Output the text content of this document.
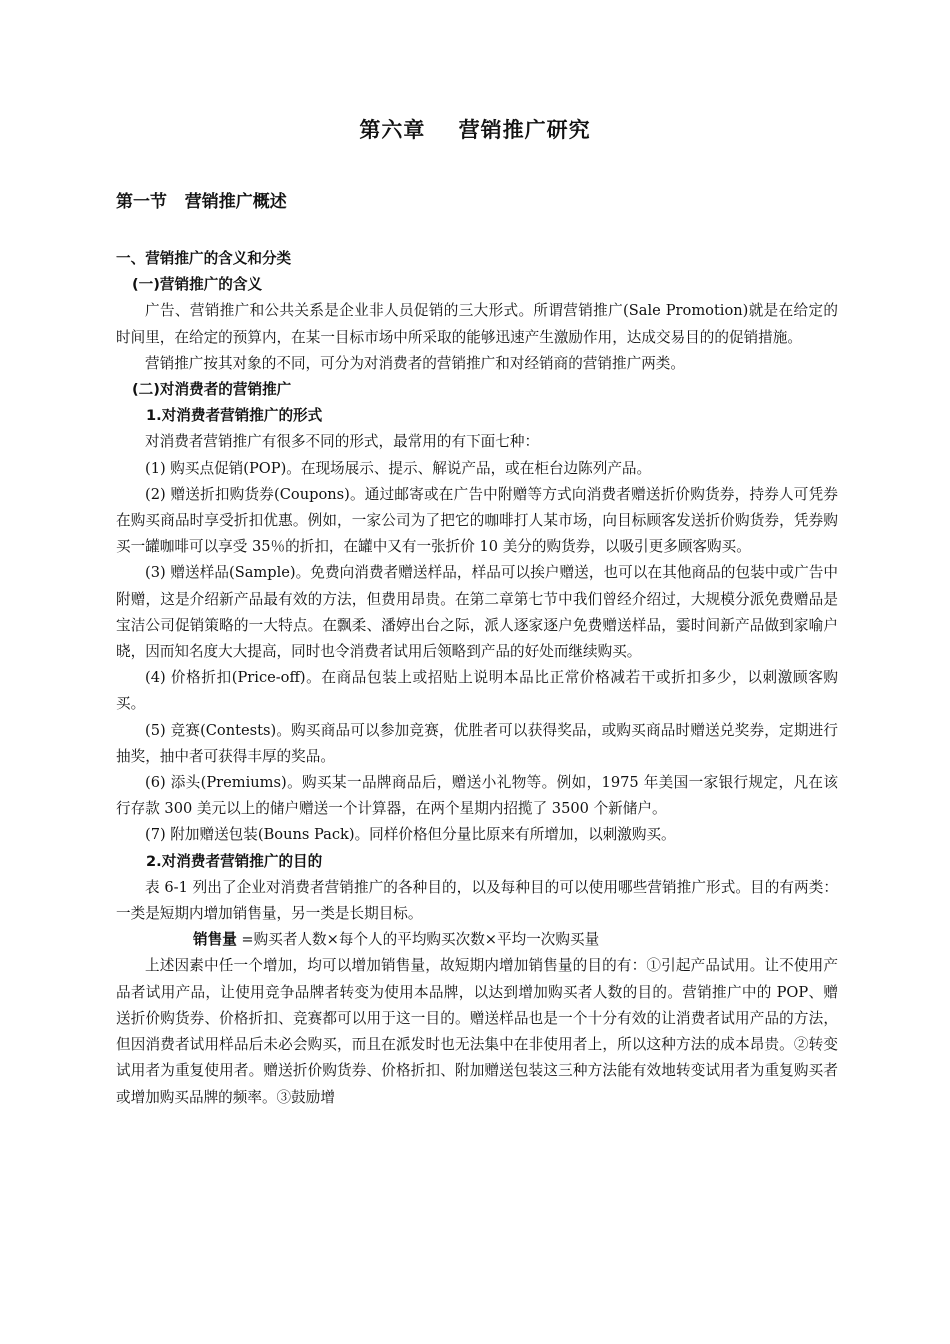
第六章    营销推广研究
第一节   营销推广概述

一、营销推广的含义和分类

(一)营销推广的含义

广告、营销推广和公共关系是企业非人员促销的三大形式。所谓营销推广(Sale Promotion)就是在给定的时间里，在给定的预算内，在某一目标市场中所采取的能够迅速产生激励作用，达成交易目的的促销措施。

营销推广按其对象的不同，可分为对消费者的营销推广和对经销商的营销推广两类。

(二)对消费者的营销推广

1.对消费者营销推广的形式

对消费者营销推广有很多不同的形式，最常用的有下面七种：

(1) 购买点促销(POP)。在现场展示、提示、解说产品，或在柜台边陈列产品。

(2) 赠送折扣购货券(Coupons)。通过邮寄或在广告中附赠等方式向消费者赠送折价购货券，持券人可凭券在购买商品时享受折扣优惠。例如，一家公司为了把它的咖啡打人某市场，向目标顾客发送折价购货券，凭券购买一罐咖啡可以享受 35％的折扣，在罐中又有一张折价 10 美分的购货券，以吸引更多顾客购买。

(3) 赠送样品(Sample)。免费向消费者赠送样品，样品可以挨户赠送，也可以在其他商品的包装中或广告中附赠，这是介绍新产品最有效的方法，但费用昂贵。在第二章第七节中我们曾经介绍过，大规模分派免费赠品是宝洁公司促销策略的一大特点。在飘柔、潘婷出台之际，派人逐家逐户免费赠送样品，霎时间新产品做到家喻户晓，因而知名度大大提高，同时也令消费者试用后领略到产品的好处而继续购买。

(4) 价格折扣(Price-off)。在商品包装上或招贴上说明本品比正常价格减若干或折扣多少，以刺激顾客购买。

(5) 竞赛(Contests)。购买商品可以参加竞赛，优胜者可以获得奖品，或购买商品时赠送兑奖券，定期进行抽奖，抽中者可获得丰厚的奖品。

(6) 添头(Premiums)。购买某一品牌商品后，赠送小礼物等。例如，1975 年美国一家银行规定，凡在该行存款 300 美元以上的储户赠送一个计算器，在两个星期内招揽了 3500 个新储户。

(7) 附加赠送包装(Bouns Pack)。同样价格但分量比原来有所增加，以刺激购买。

2.对消费者营销推广的目的

表 6-1 列出了企业对消费者营销推广的各种目的，以及每种目的可以使用哪些营销推广形式。目的有两类：一类是短期内增加销售量，另一类是长期目标。

销售量 =购买者人数×每个人的平均购买次数×平均一次购买量

上述因素中任一个增加，均可以增加销售量，故短期内增加销售量的目的有：①引起产品试用。让不使用产品者试用产品，让使用竞争品牌者转变为使用本品牌，以达到增加购买者人数的目的。营销推广中的 POP、赠送折价购货券、价格折扣、竞赛都可以用于这一目的。赠送样品也是一个十分有效的让消费者试用产品的方法，但因消费者试用样品后未必会购买，而且在派发时也无法集中在非使用者上，所以这种方法的成本昂贵。②转变试用者为重复使用者。赠送折价购货券、价格折扣、附加赠送包装这三种方法能有效地转变试用者为重复购买者或增加购买品牌的频率。③鼓励增
